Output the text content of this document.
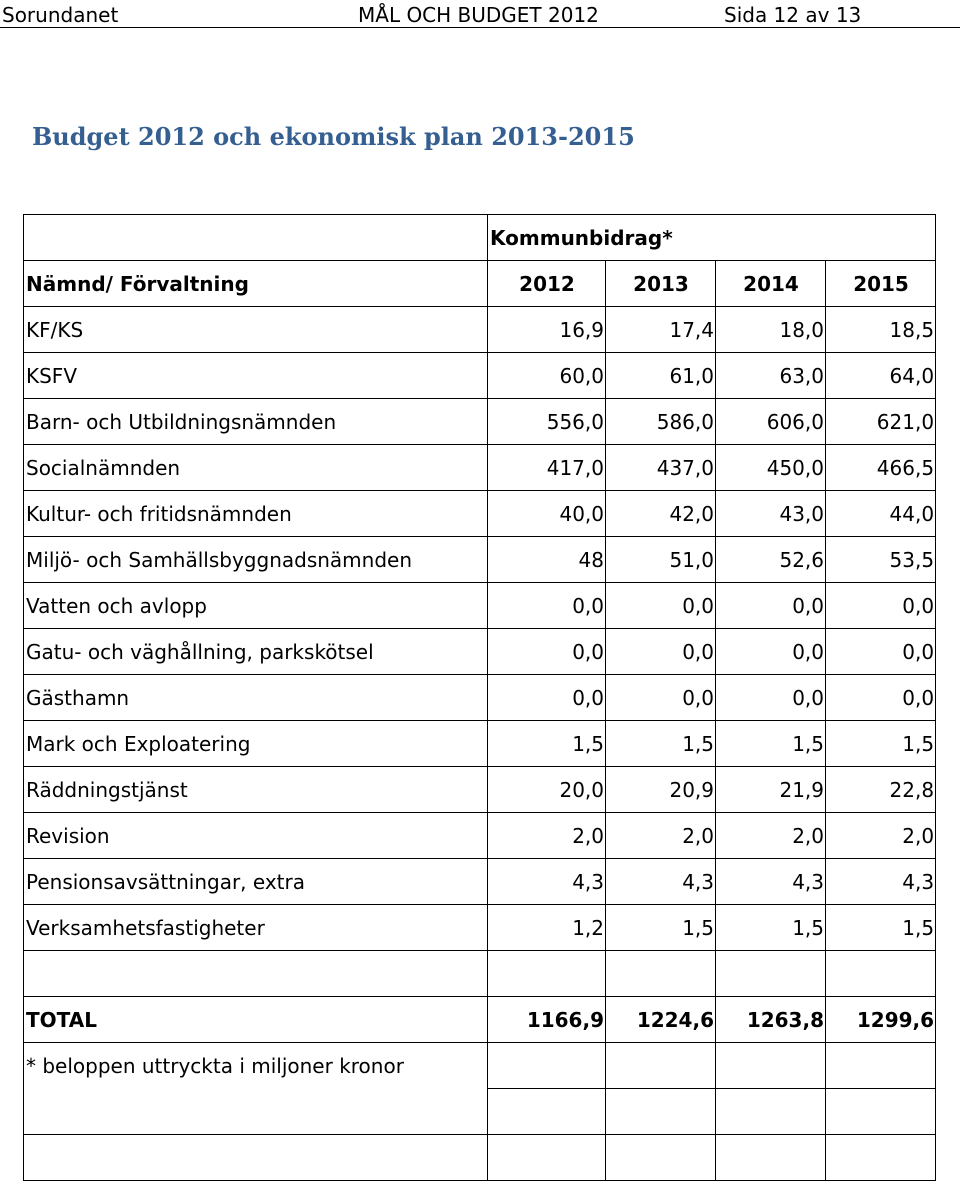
Sorundanet	MÅL OCH BUDGET 2012	Sida 12 av 13
Budget 2012 och ekonomisk plan 2013-2015
	Kommunbidrag*			
Nämnd/ Förvaltning	2012	2013	2014	2015
KF/KS	16,9	17,4	18,0	18,5
KSFV	60,0	61,0	63,0	64,0
Barn- och Utbildningsnämnden	556,0	586,0	606,0	621,0
Socialnämnden	417,0	437,0	450,0	466,5
Kultur- och fritidsnämnden	40,0	42,0	43,0	44,0
Miljö- och Samhällsbyggnadsnämnden	48	51,0	52,6	53,5
Vatten och avlopp	0,0	0,0	0,0	0,0
Gatu- och väghållning, parkskötsel	0,0	0,0	0,0	0,0
Gästhamn	0,0	0,0	0,0	0,0
Mark och Exploatering	1,5	1,5	1,5	1,5
Räddningstjänst	20,0	20,9	21,9	22,8
Revision	2,0	2,0	2,0	2,0
Pensionsavsättningar, extra	4,3	4,3	4,3	4,3
Verksamhetsfastigheter	1,2	1,5	1,5	1,5

TOTAL	1166,9	1224,6	1263,8	1299,6
* beloppen uttryckta i miljoner kronor				
